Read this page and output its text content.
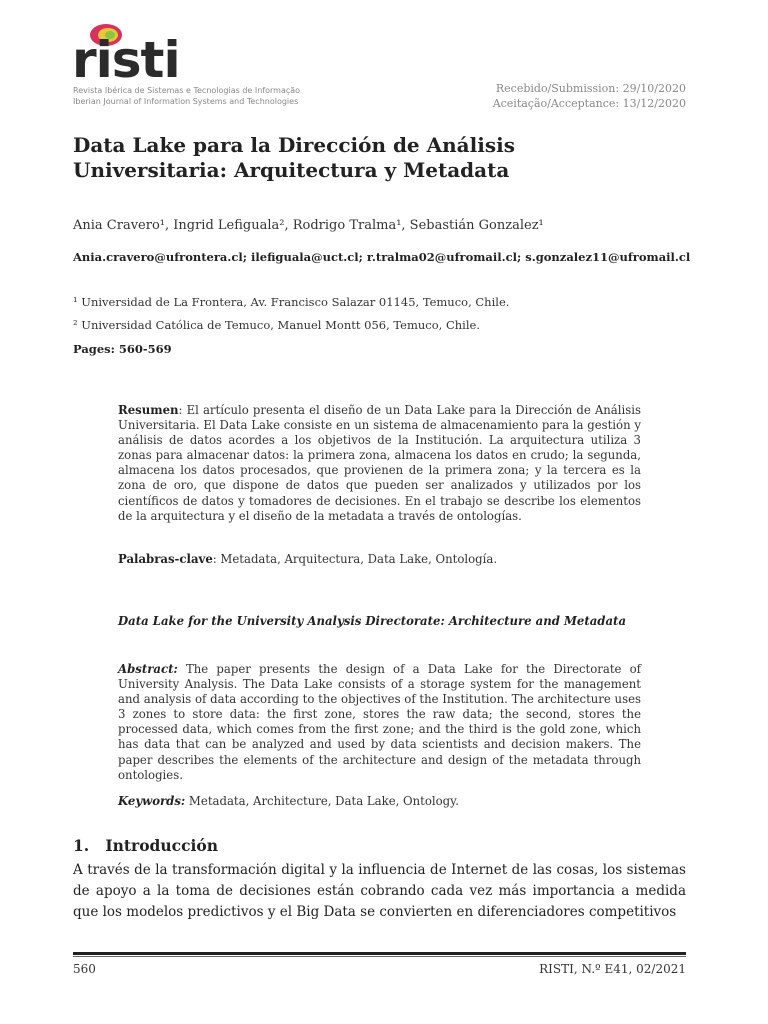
risti
Revista Ibérica de Sistemas e Tecnologias de Informação
Iberian Journal of Information Systems and Technologies
Recebido/Submission: 29/10/2020
Aceitação/Acceptance: 13/12/2020
Data Lake para la Dirección de Análisis Universitaria: Arquitectura y Metadata
Ania Cravero¹, Ingrid Lefiguala², Rodrigo Tralma¹, Sebastián Gonzalez¹
Ania.cravero@ufrontera.cl; ilefiguala@uct.cl; r.tralma02@ufromail.cl; s.gonzalez11@ufromail.cl
¹ Universidad de La Frontera, Av. Francisco Salazar 01145, Temuco, Chile.
² Universidad Católica de Temuco, Manuel Montt 056, Temuco, Chile.
Pages: 560-569
Resumen: El artículo presenta el diseño de un Data Lake para la Dirección de Análisis Universitaria. El Data Lake consiste en un sistema de almacenamiento para la gestión y análisis de datos acordes a los objetivos de la Institución. La arquitectura utiliza 3 zonas para almacenar datos: la primera zona, almacena los datos en crudo; la segunda, almacena los datos procesados, que provienen de la primera zona; y la tercera es la zona de oro, que dispone de datos que pueden ser analizados y utilizados por los científicos de datos y tomadores de decisiones. En el trabajo se describe los elementos de la arquitectura y el diseño de la metadata a través de ontologías.
Palabras-clave: Metadata, Arquitectura, Data Lake, Ontología.
Data Lake for the University Analysis Directorate: Architecture and Metadata
Abstract: The paper presents the design of a Data Lake for the Directorate of University Analysis. The Data Lake consists of a storage system for the management and analysis of data according to the objectives of the Institution. The architecture uses 3 zones to store data: the first zone, stores the raw data; the second, stores the processed data, which comes from the first zone; and the third is the gold zone, which has data that can be analyzed and used by data scientists and decision makers. The paper describes the elements of the architecture and design of the metadata through ontologies.
Keywords: Metadata, Architecture, Data Lake, Ontology.
1.   Introducción
A través de la transformación digital y la influencia de Internet de las cosas, los sistemas de apoyo a la toma de decisiones están cobrando cada vez más importancia a medida que los modelos predictivos y el Big Data se convierten en diferenciadores competitivos
560	RISTI, N.º E41, 02/2021
